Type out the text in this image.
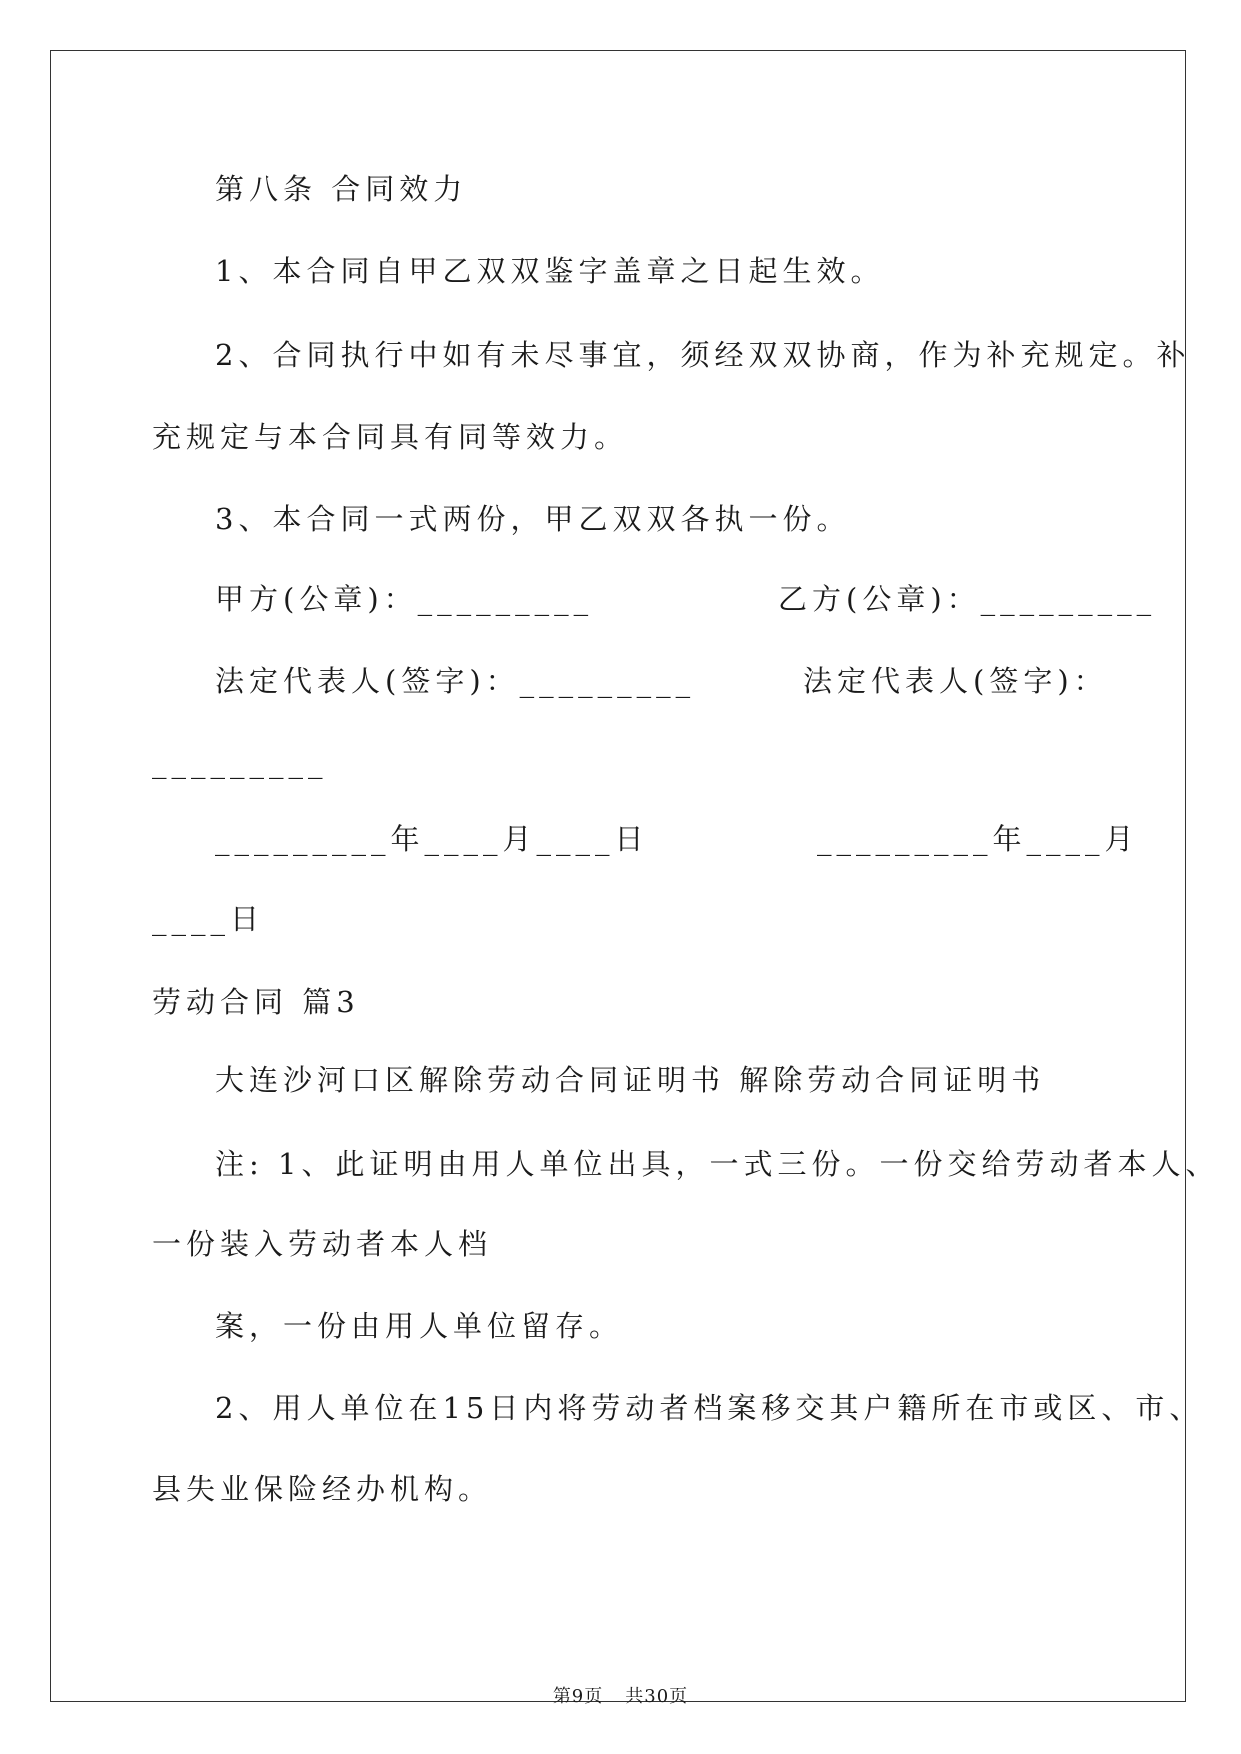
第八条 合同效力
1、本合同自甲乙双双鉴字盖章之日起生效。
2、合同执行中如有未尽事宜，须经双双协商，作为补充规定。补
充规定与本合同具有同等效力。
3、本合同一式两份，甲乙双双各执一份。
甲方(公章)：_________	乙方(公章)：_________
法定代表人(签字)：_________	法定代表人(签字)：
_________
_________年____月____日	_________年____月
____日
劳动合同 篇3
大连沙河口区解除劳动合同证明书 解除劳动合同证明书
注: 1、此证明由用人单位出具，一式三份。一份交给劳动者本人、
一份装入劳动者本人档
案，一份由用人单位留存。
2、用人单位在15日内将劳动者档案移交其户籍所在市或区、市、
县失业保险经办机构。
第9页 共30页
